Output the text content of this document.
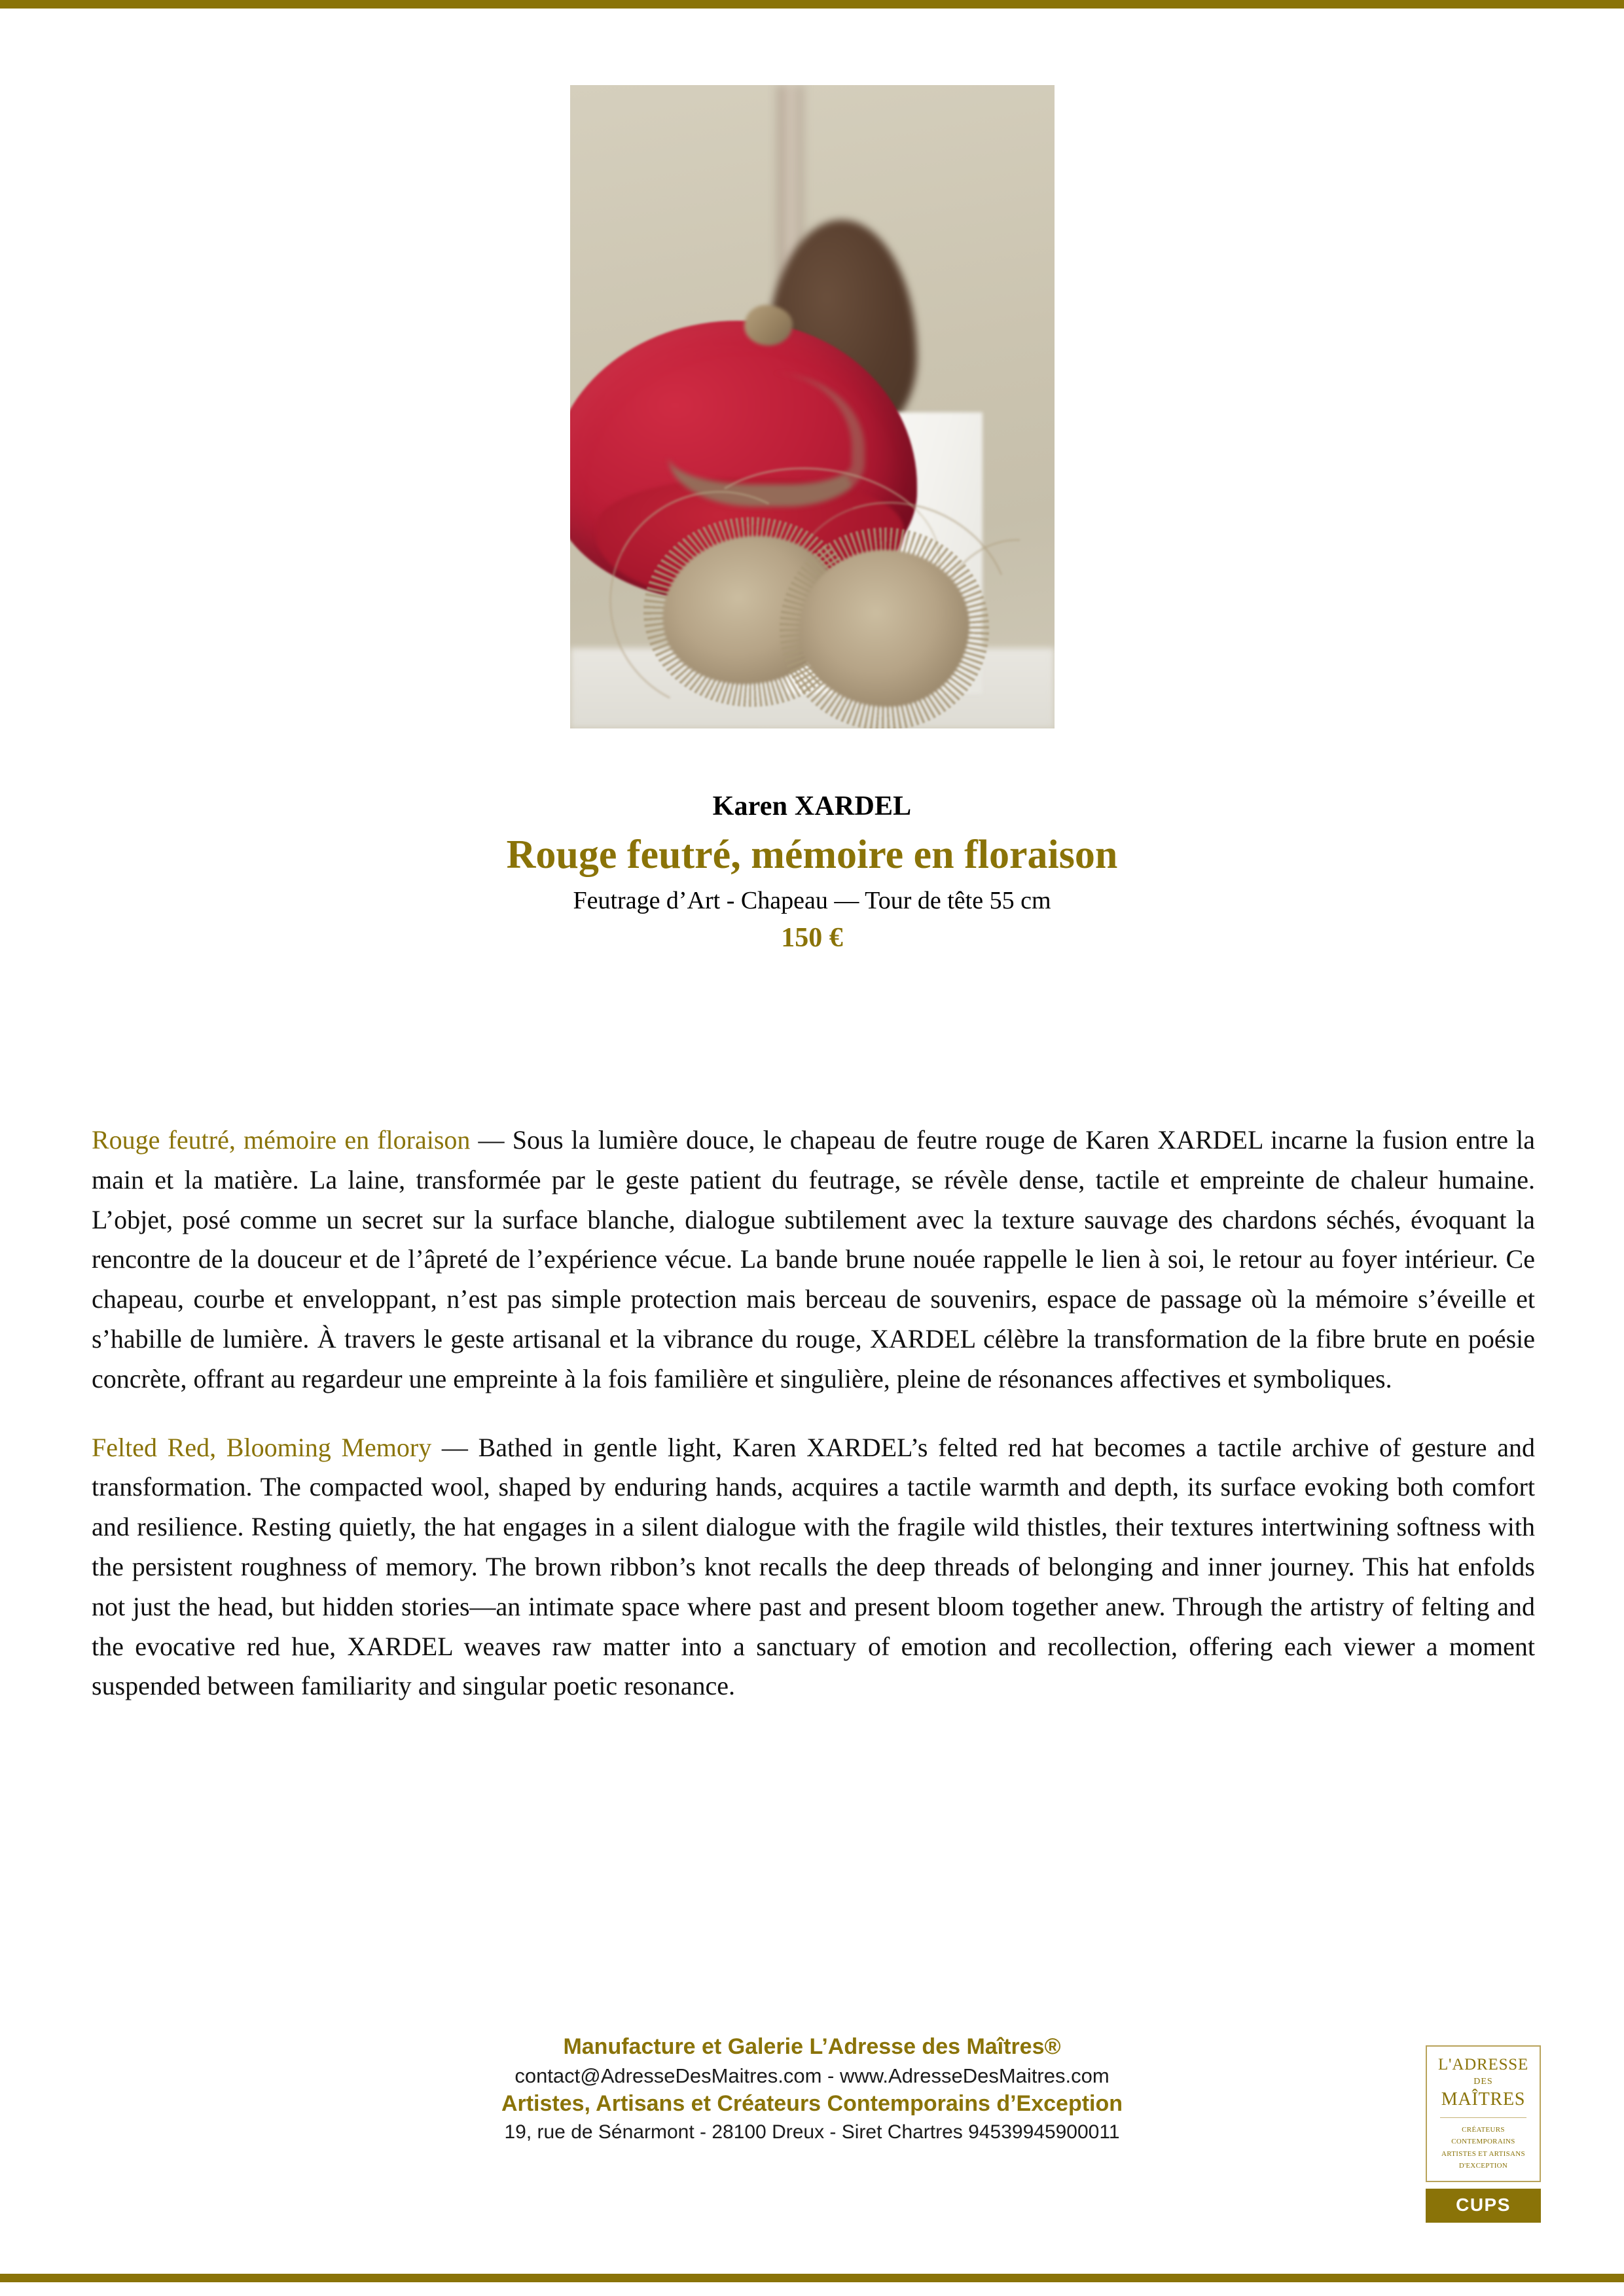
Karen XARDEL
Rouge feutré, mémoire en floraison
Feutrage d’Art - Chapeau — Tour de tête 55 cm
150 €

Rouge feutré, mémoire en floraison — Sous la lumière douce, le chapeau de feutre rouge de Karen XARDEL incarne la fusion entre la main et la matière. La laine, transformée par le geste patient du feutrage, se révèle dense, tactile et empreinte de chaleur humaine. L’objet, posé comme un secret sur la surface blanche, dialogue subtilement avec la texture sauvage des chardons séchés, évoquant la rencontre de la douceur et de l’âpreté de l’expérience vécue. La bande brune nouée rappelle le lien à soi, le retour au foyer intérieur. Ce chapeau, courbe et enveloppant, n’est pas simple protection mais berceau de souvenirs, espace de passage où la mémoire s’éveille et s’habille de lumière. À travers le geste artisanal et la vibrance du rouge, XARDEL célèbre la transformation de la fibre brute en poésie concrète, offrant au regardeur une empreinte à la fois familière et singulière, pleine de résonances affectives et symboliques.

Felted Red, Blooming Memory — Bathed in gentle light, Karen XARDEL’s felted red hat becomes a tactile archive of gesture and transformation. The compacted wool, shaped by enduring hands, acquires a tactile warmth and depth, its surface evoking both comfort and resilience. Resting quietly, the hat engages in a silent dialogue with the fragile wild thistles, their textures intertwining softness with the persistent roughness of memory. The brown ribbon’s knot recalls the deep threads of belonging and inner journey. This hat enfolds not just the head, but hidden stories—an intimate space where past and present bloom together anew. Through the artistry of felting and the evocative red hue, XARDEL weaves raw matter into a sanctuary of emotion and recollection, offering each viewer a moment suspended between familiarity and singular poetic resonance.

Manufacture et Galerie L’Adresse des Maîtres®
contact@AdresseDesMaitres.com - www.AdresseDesMaitres.com
Artistes, Artisans et Créateurs Contemporains d’Exception
19, rue de Sénarmont - 28100 Dreux - Siret Chartres 94539945900011
L'ADRESSE
DES
MAÎTRES
CRÉATEURS CONTEMPORAINS
ARTISTES ET ARTISANS
D'EXCEPTION
CUPS
